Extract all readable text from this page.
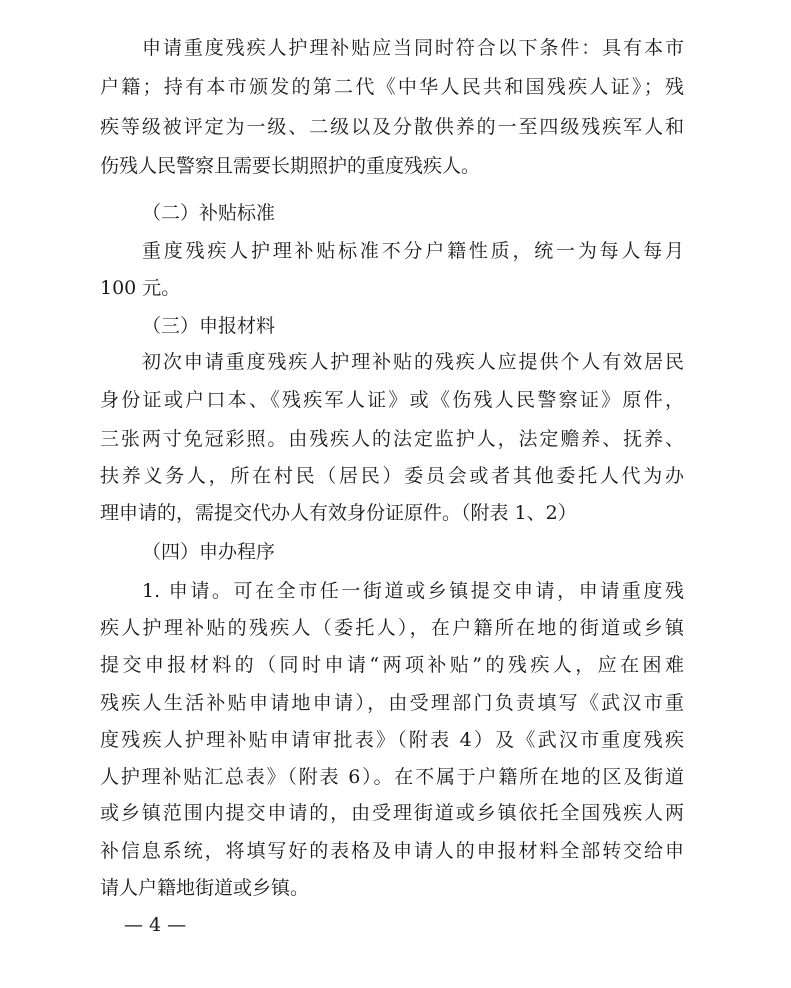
申请重度残疾人护理补贴应当同时符合以下条件：具有本市
户籍；持有本市颁发的第二代《中华人民共和国残疾人证》；残
疾等级被评定为一级、二级以及分散供养的一至四级残疾军人和
伤残人民警察且需要长期照护的重度残疾人。
（二）补贴标准
重度残疾人护理补贴标准不分户籍性质，统一为每人每月
100 元。
（三）申报材料
初次申请重度残疾人护理补贴的残疾人应提供个人有效居民
身份证或户口本、《残疾军人证》或《伤残人民警察证》原件，
三张两寸免冠彩照。由残疾人的法定监护人，法定赡养、抚养、
扶养义务人，所在村民（居民）委员会或者其他委托人代为办
理申请的，需提交代办人有效身份证原件。（附表 1、2）
（四）申办程序
1. 申请。可在全市任一街道或乡镇提交申请，申请重度残
疾人护理补贴的残疾人（委托人），在户籍所在地的街道或乡镇
提交申报材料的（同时申请“两项补贴”的残疾人，应在困难
残疾人生活补贴申请地申请），由受理部门负责填写《武汉市重
度残疾人护理补贴申请审批表》（附表 4）及《武汉市重度残疾
人护理补贴汇总表》（附表 6）。在不属于户籍所在地的区及街道
或乡镇范围内提交申请的，由受理街道或乡镇依托全国残疾人两
补信息系统，将填写好的表格及申请人的申报材料全部转交给申
请人户籍地街道或乡镇。
— 4 —
